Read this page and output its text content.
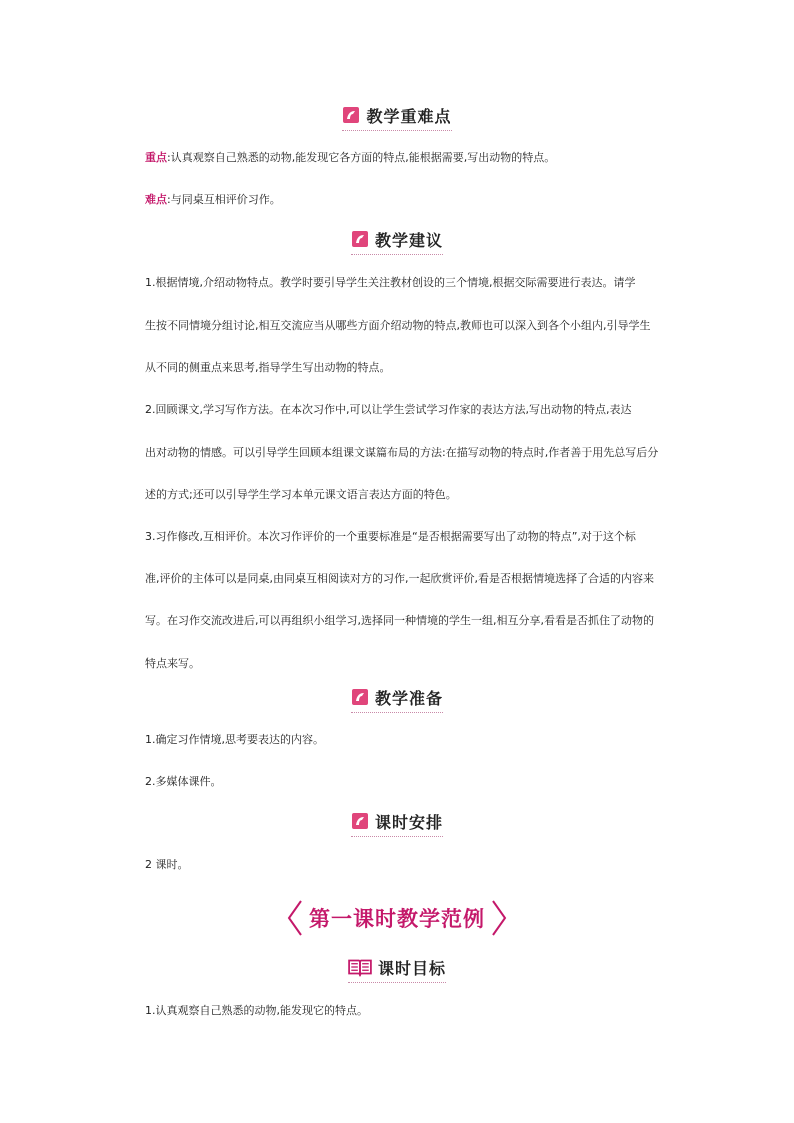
教学重难点
重点:认真观察自己熟悉的动物,能发现它各方面的特点,能根据需要,写出动物的特点。
难点:与同桌互相评价习作。
教学建议
1.根据情境,介绍动物特点。教学时要引导学生关注教材创设的三个情境,根据交际需要进行表达。请学
生按不同情境分组讨论,相互交流应当从哪些方面介绍动物的特点,教师也可以深入到各个小组内,引导学生
从不同的侧重点来思考,指导学生写出动物的特点。
2.回顾课文,学习写作方法。在本次习作中,可以让学生尝试学习作家的表达方法,写出动物的特点,表达
出对动物的情感。可以引导学生回顾本组课文谋篇布局的方法:在描写动物的特点时,作者善于用先总写后分
述的方式;还可以引导学生学习本单元课文语言表达方面的特色。
3.习作修改,互相评价。本次习作评价的一个重要标准是“是否根据需要写出了动物的特点”,对于这个标
准,评价的主体可以是同桌,由同桌互相阅读对方的习作,一起欣赏评价,看是否根据情境选择了合适的内容来
写。在习作交流改进后,可以再组织小组学习,选择同一种情境的学生一组,相互分享,看看是否抓住了动物的
特点来写。
教学准备
1.确定习作情境,思考要表达的内容。
2.多媒体课件。
课时安排
2 课时。
第一课时教学范例
课时目标
1.认真观察自己熟悉的动物,能发现它的特点。
